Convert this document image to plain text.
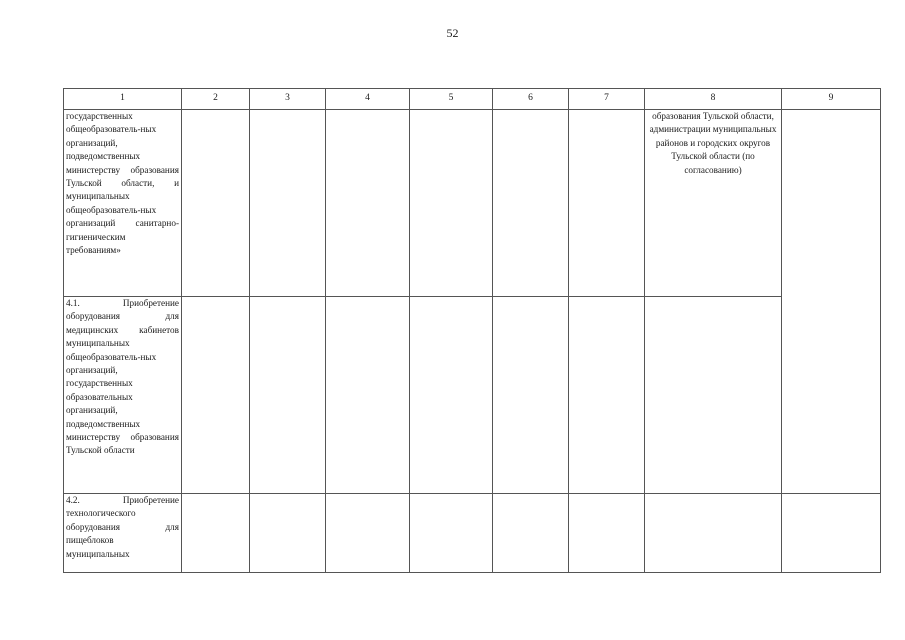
52
1	2	3	4	5	6	7	8	9
государственных общеобразователь-ных организаций, подведомственных министерству образования Тульской области, и муниципальных общеобразователь-ных организаций санитарно-гигиеническим требованиям»							образования Тульской области, администрации муниципальных районов и городских округов Тульской области (по согласованию)	
4.1. Приобретение оборудования для медицинских кабинетов муниципальных общеобразователь-ных организаций, государственных образовательных организаций, подведомственных министерству образования Тульской области								
4.2. Приобретение технологического оборудования для пищеблоков муниципальных								
